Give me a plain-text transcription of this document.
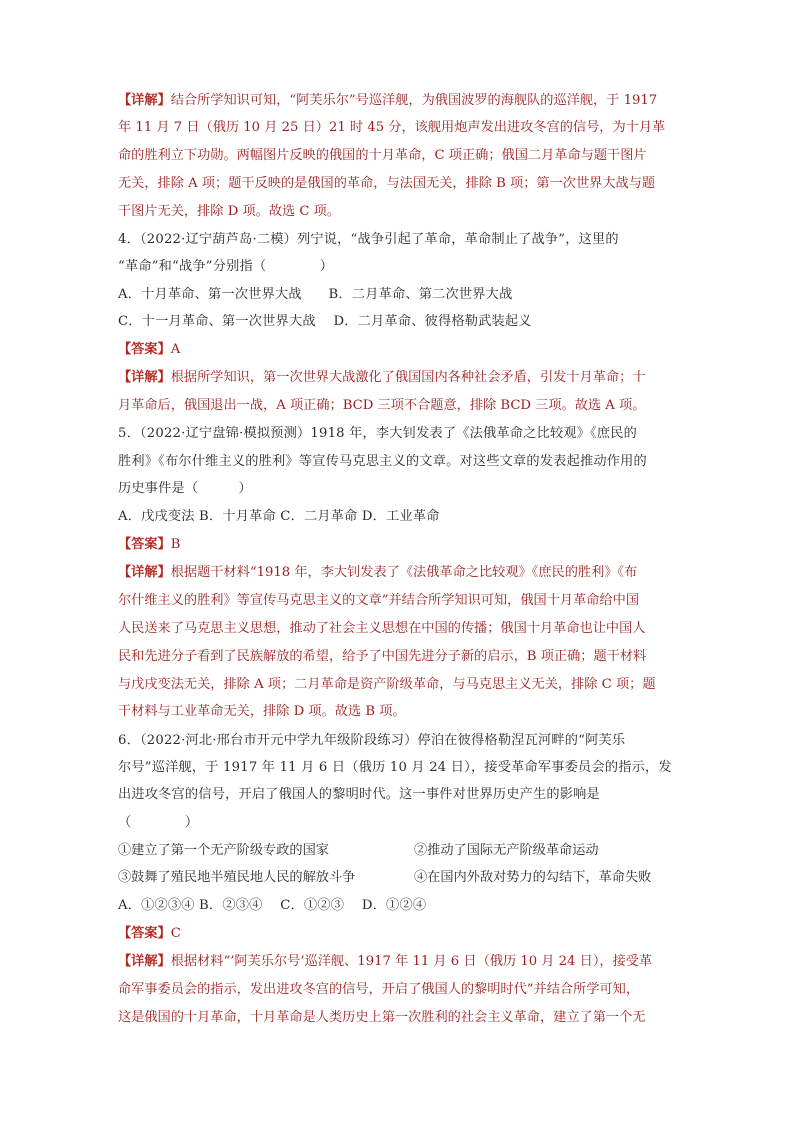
【详解】结合所学知识可知，“阿芙乐尔”号巡洋舰，为俄国波罗的海舰队的巡洋舰，于 1917
年 11 月 7 日（俄历 10 月 25 日）21 时 45 分，该舰用炮声发出进攻冬宫的信号，为十月革
命的胜利立下功勋。两幅图片反映的俄国的十月革命，C 项正确；俄国二月革命与题干图片
无关，排除 A 项；题干反映的是俄国的革命，与法国无关，排除 B 项；第一次世界大战与题
干图片无关，排除 D 项。故选 C 项。
4．（2022·辽宁葫芦岛·二模）列宁说，“战争引起了革命，革命制止了战争”，这里的
“革命”和“战争”分别指（　　　　）
A．十月革命、第一次世界大战　　B．二月革命、第二次世界大战
C．十一月革命、第一次世界大战　 D．二月革命、彼得格勒武装起义
【答案】A
【详解】根据所学知识，第一次世界大战激化了俄国国内各种社会矛盾，引发十月革命；十
月革命后，俄国退出一战，A 项正确；BCD 三项不合题意，排除 BCD 三项。故选 A 项。
5．（2022·辽宁盘锦·模拟预测）1918 年，李大钊发表了《法俄革命之比较观》《庶民的
胜利》《布尔什维主义的胜利》等宣传马克思主义的文章。对这些文章的发表起推动作用的
历史事件是（　　　）
A．戊戌变法 B．十月革命 C．二月革命 D．工业革命
【答案】B
【详解】根据题干材料“1918 年，李大钊发表了《法俄革命之比较观》《庶民的胜利》《布
尔什维主义的胜利》等宣传马克思主义的文章”并结合所学知识可知，俄国十月革命给中国
人民送来了马克思主义思想，推动了社会主义思想在中国的传播；俄国十月革命也让中国人
民和先进分子看到了民族解放的希望，给予了中国先进分子新的启示，B 项正确；题干材料
与戊戌变法无关，排除 A 项；二月革命是资产阶级革命，与马克思主义无关，排除 C 项；题
干材料与工业革命无关，排除 D 项。故选 B 项。
6．（2022·河北·邢台市开元中学九年级阶段练习）停泊在彼得格勒涅瓦河畔的“阿芙乐
尔号”巡洋舰，于 1917 年 11 月 6 日（俄历 10 月 24 日），接受革命军事委员会的指示，发
出进攻冬宫的信号，开启了俄国人的黎明时代。这一事件对世界历史产生的影响是
（　　　　）
①建立了第一个无产阶级专政的国家	②推动了国际无产阶级革命运动
③鼓舞了殖民地半殖民地人民的解放斗争	④在国内外敌对势力的勾结下，革命失败
A．①②③④ B．②③④　 C．①②③　 D．①②④
【答案】C
【详解】根据材料“’阿芙乐尔号’巡洋舰、1917 年 11 月 6 日（俄历 10 月 24 日），接受革
命军事委员会的指示，发出进攻冬宫的信号，开启了俄国人的黎明时代”并结合所学可知，
这是俄国的十月革命，十月革命是人类历史上第一次胜利的社会主义革命，建立了第一个无
